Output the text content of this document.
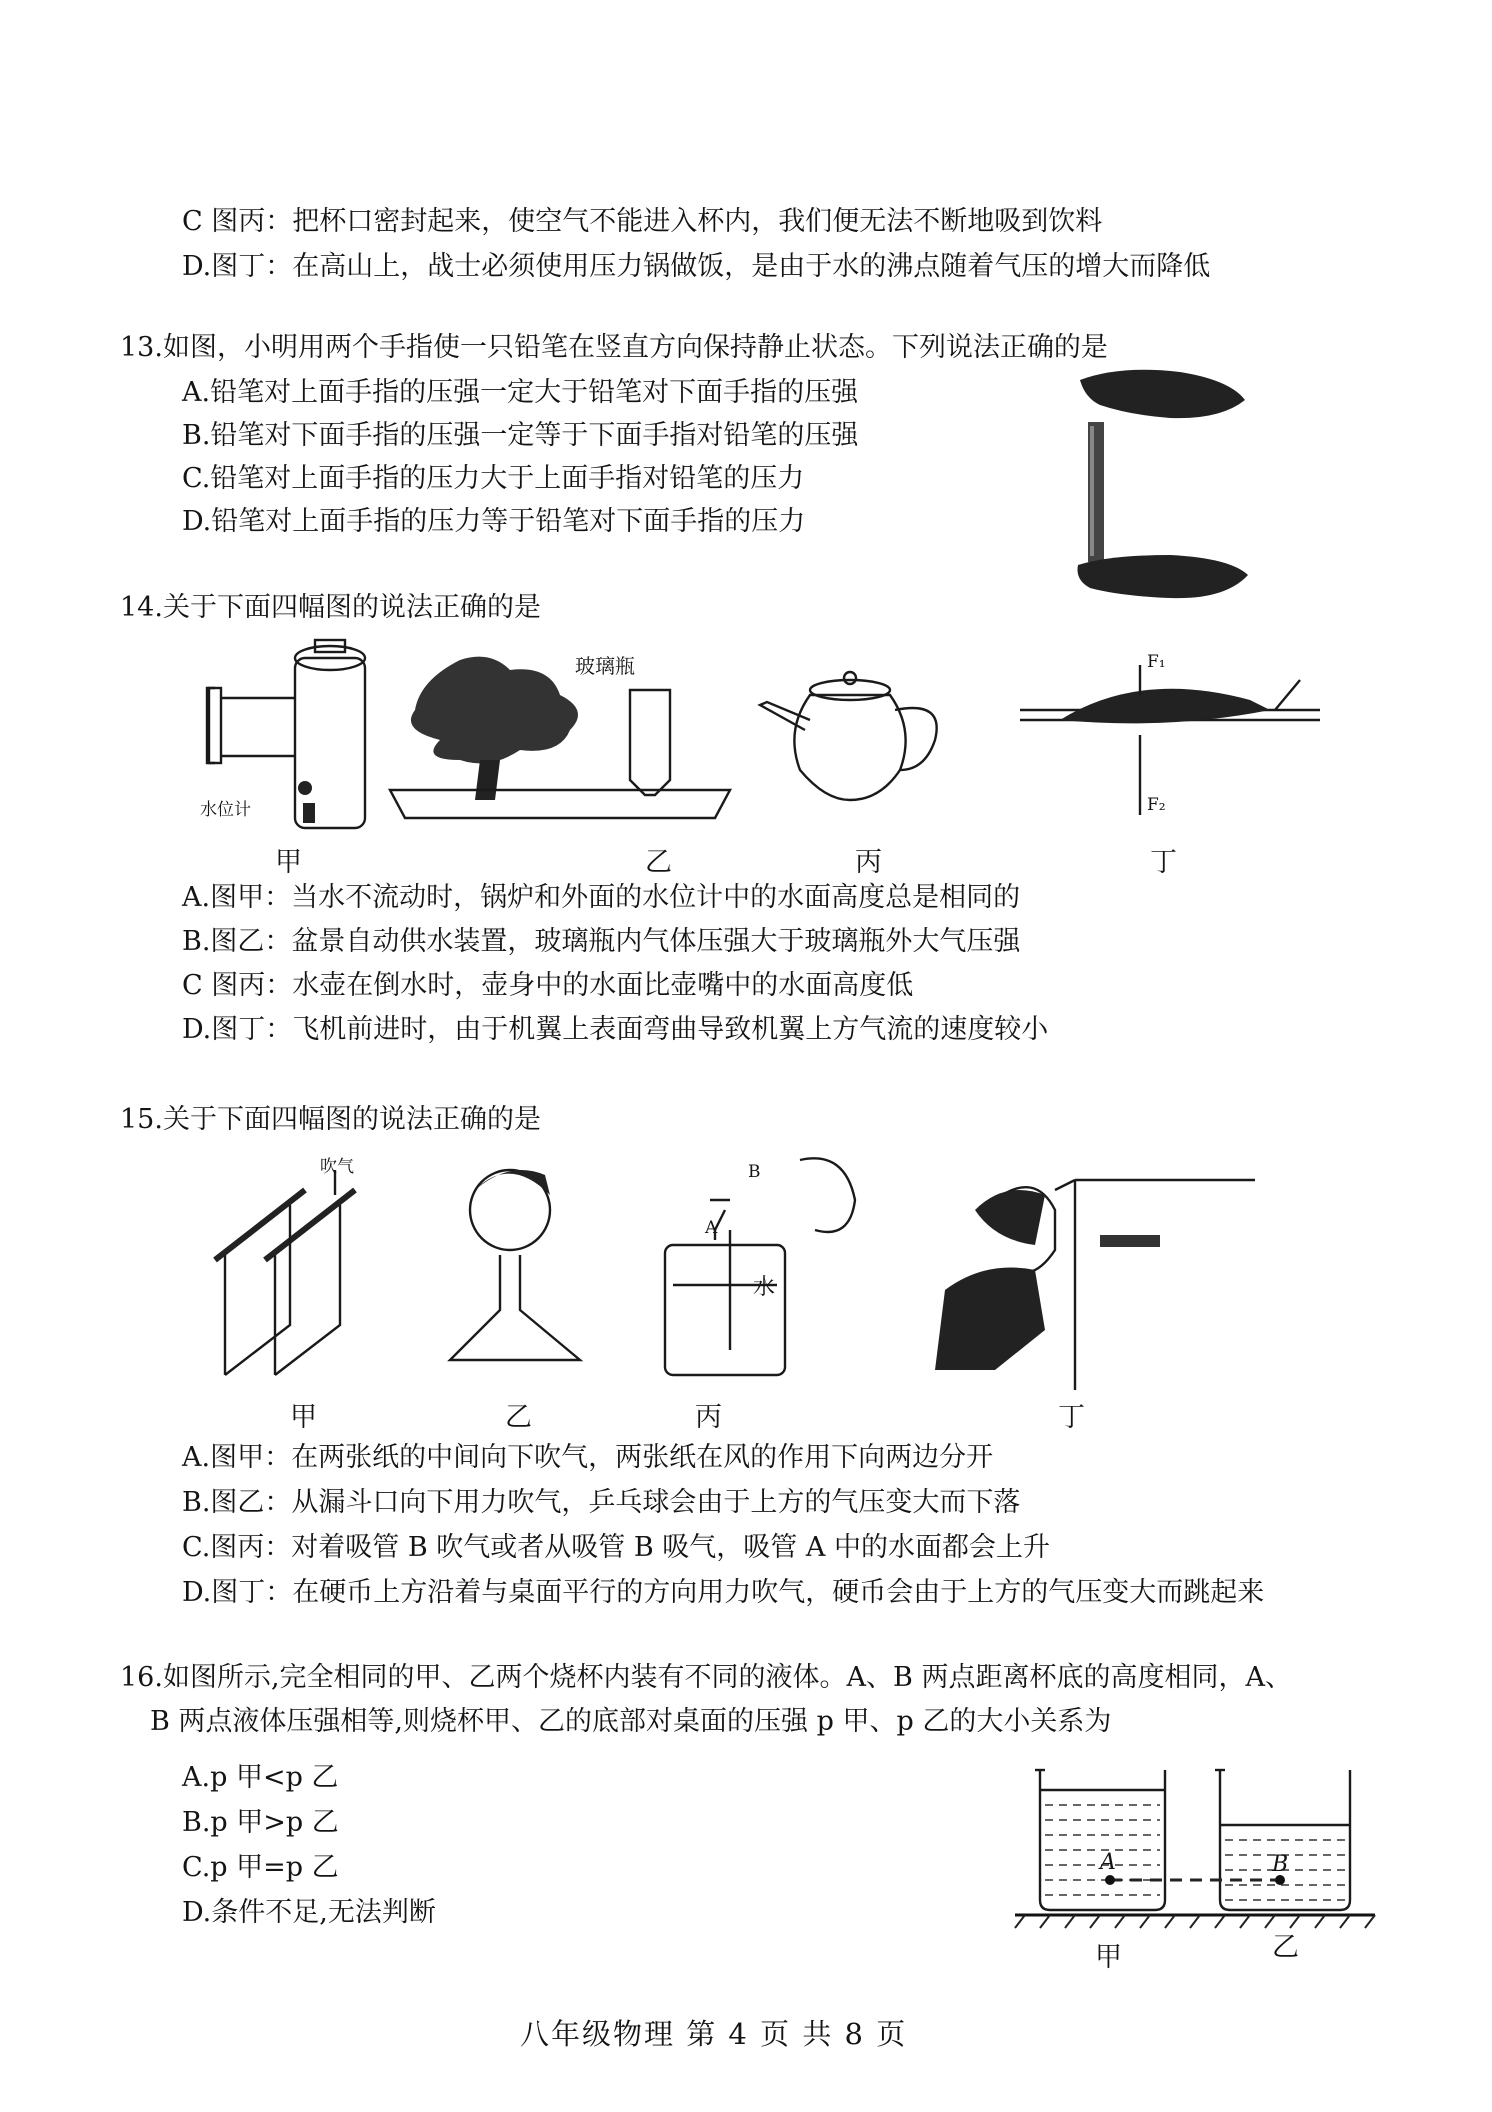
C 图丙：把杯口密封起来，使空气不能进入杯内，我们便无法不断地吸到饮料
D.图丁：在高山上，战士必须使用压力锅做饭，是由于水的沸点随着气压的增大而降低
13.如图，小明用两个手指使一只铅笔在竖直方向保持静止状态。下列说法正确的是
A.铅笔对上面手指的压强一定大于铅笔对下面手指的压强
B.铅笔对下面手指的压强一定等于下面手指对铅笔的压强
C.铅笔对上面手指的压力大于上面手指对铅笔的压力
D.铅笔对上面手指的压力等于铅笔对下面手指的压力
14.关于下面四幅图的说法正确的是
水位计
玻璃瓶	F₁
F₂
甲	乙	丙	丁
A.图甲：当水不流动时，锅炉和外面的水位计中的水面高度总是相同的
B.图乙：盆景自动供水装置，玻璃瓶内气体压强大于玻璃瓶外大气压强
C 图丙：水壶在倒水时，壶身中的水面比壶嘴中的水面高度低
D.图丁：飞机前进时，由于机翼上表面弯曲导致机翼上方气流的速度较小
15.关于下面四幅图的说法正确的是
吹气
A
B
水
甲	乙	丙	丁
A.图甲：在两张纸的中间向下吹气，两张纸在风的作用下向两边分开
B.图乙：从漏斗口向下用力吹气，乒乓球会由于上方的气压变大而下落
C.图丙：对着吸管 B 吹气或者从吸管 B 吸气，吸管 A 中的水面都会上升
D.图丁：在硬币上方沿着与桌面平行的方向用力吹气，硬币会由于上方的气压变大而跳起来
16.如图所示,完全相同的甲、乙两个烧杯内装有不同的液体。A、B 两点距离杯底的高度相同，A、
B 两点液体压强相等,则烧杯甲、乙的底部对桌面的压强 p 甲、p 乙的大小关系为
A.p 甲<p 乙
B.p 甲>p 乙
C.p 甲=p 乙
D.条件不足,无法判断
A	B
甲	乙
八年级物理 第 4 页 共 8 页
